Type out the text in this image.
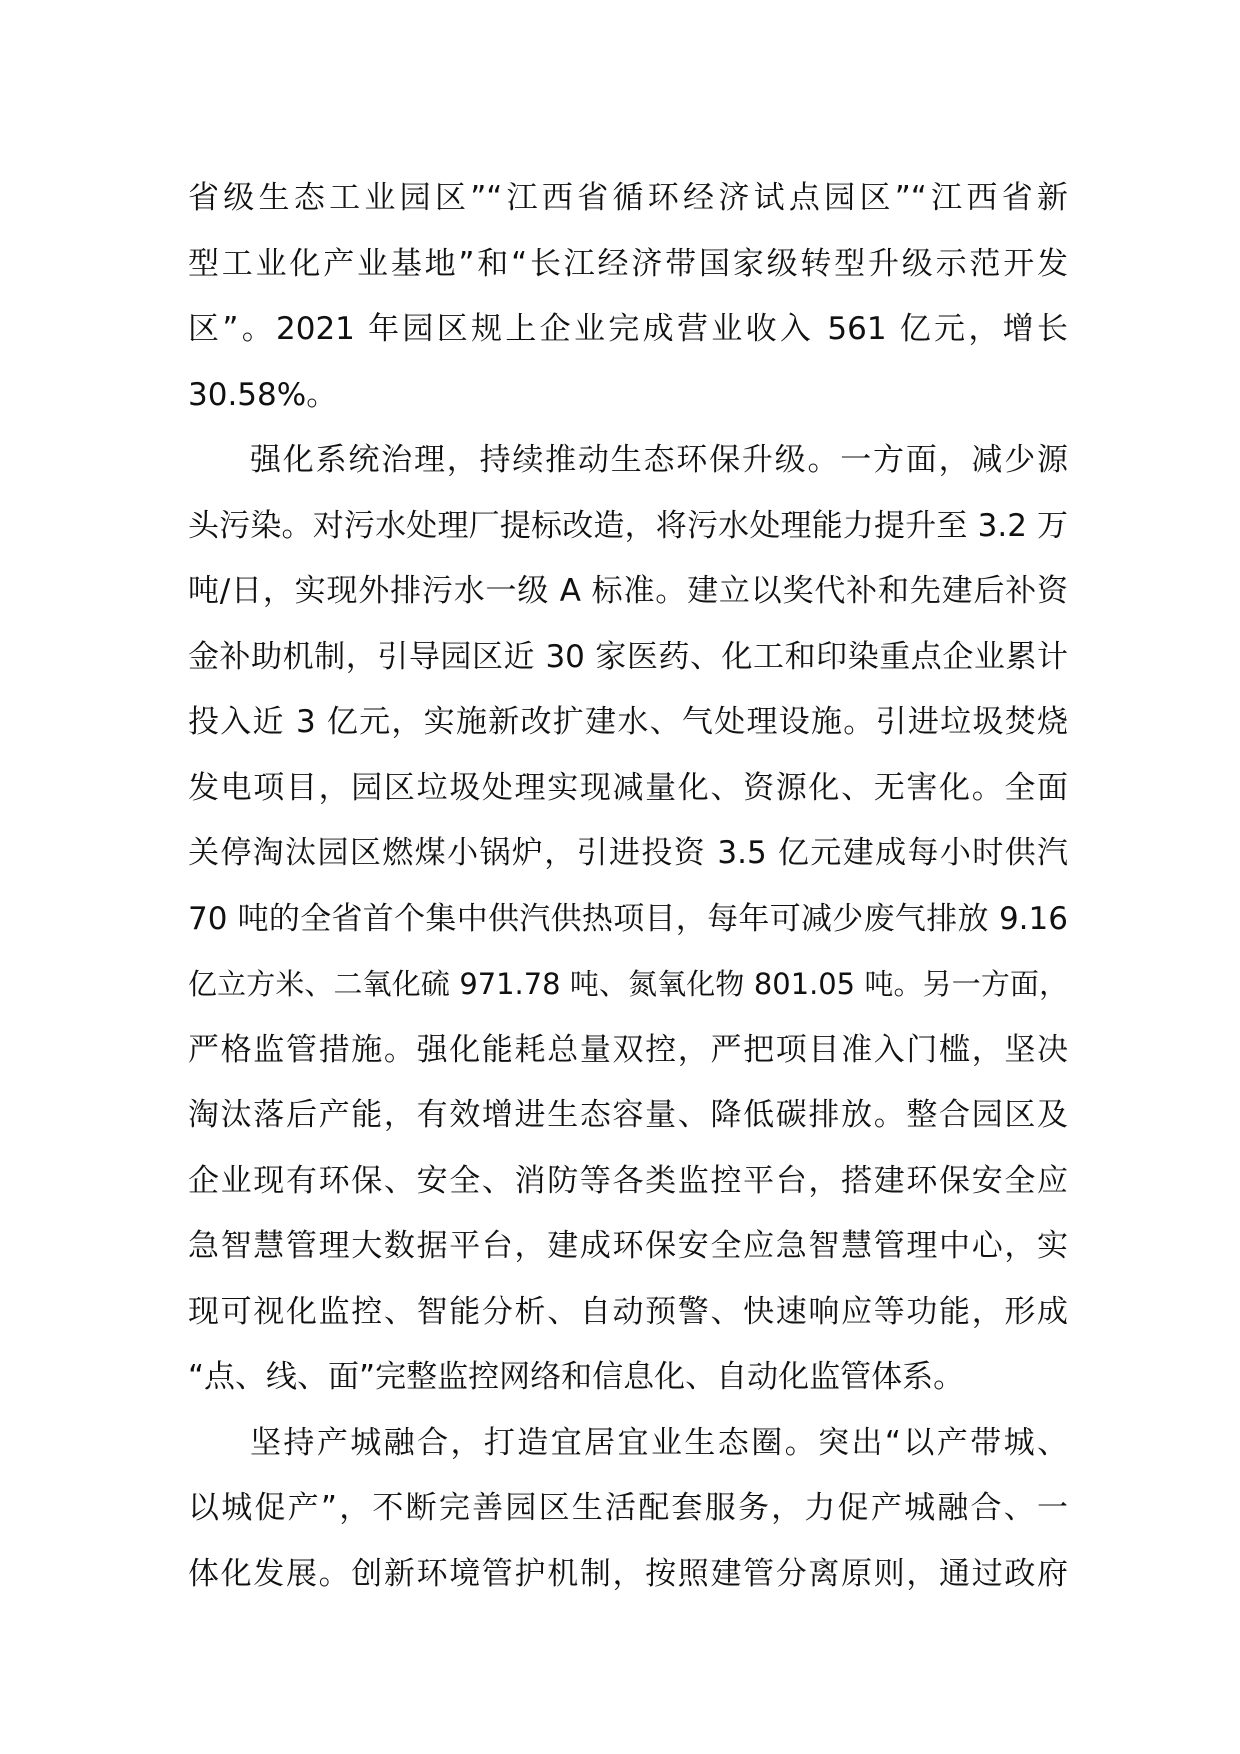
省级生态工业园区”“江西省循环经济试点园区”“江西省新
型工业化产业基地”和“长江经济带国家级转型升级示范开发
区”。2021 年园区规上企业完成营业收入 561 亿元，增长
30.58%。
强化系统治理，持续推动生态环保升级。一方面，减少源
头污染。对污水处理厂提标改造，将污水处理能力提升至 3.2 万
吨/日，实现外排污水一级 A 标准。建立以奖代补和先建后补资
金补助机制，引导园区近 30 家医药、化工和印染重点企业累计
投入近 3 亿元，实施新改扩建水、气处理设施。引进垃圾焚烧
发电项目，园区垃圾处理实现减量化、资源化、无害化。全面
关停淘汰园区燃煤小锅炉，引进投资 3.5 亿元建成每小时供汽
70 吨的全省首个集中供汽供热项目，每年可减少废气排放 9.16
亿立方米、二氧化硫 971.78 吨、氮氧化物 801.05 吨。另一方面，
严格监管措施。强化能耗总量双控，严把项目准入门槛，坚决
淘汰落后产能，有效增进生态容量、降低碳排放。整合园区及
企业现有环保、安全、消防等各类监控平台，搭建环保安全应
急智慧管理大数据平台，建成环保安全应急智慧管理中心，实
现可视化监控、智能分析、自动预警、快速响应等功能，形成
“点、线、面”完整监控网络和信息化、自动化监管体系。
坚持产城融合，打造宜居宜业生态圈。突出“以产带城、
以城促产”，不断完善园区生活配套服务，力促产城融合、一
体化发展。创新环境管护机制，按照建管分离原则，通过政府
